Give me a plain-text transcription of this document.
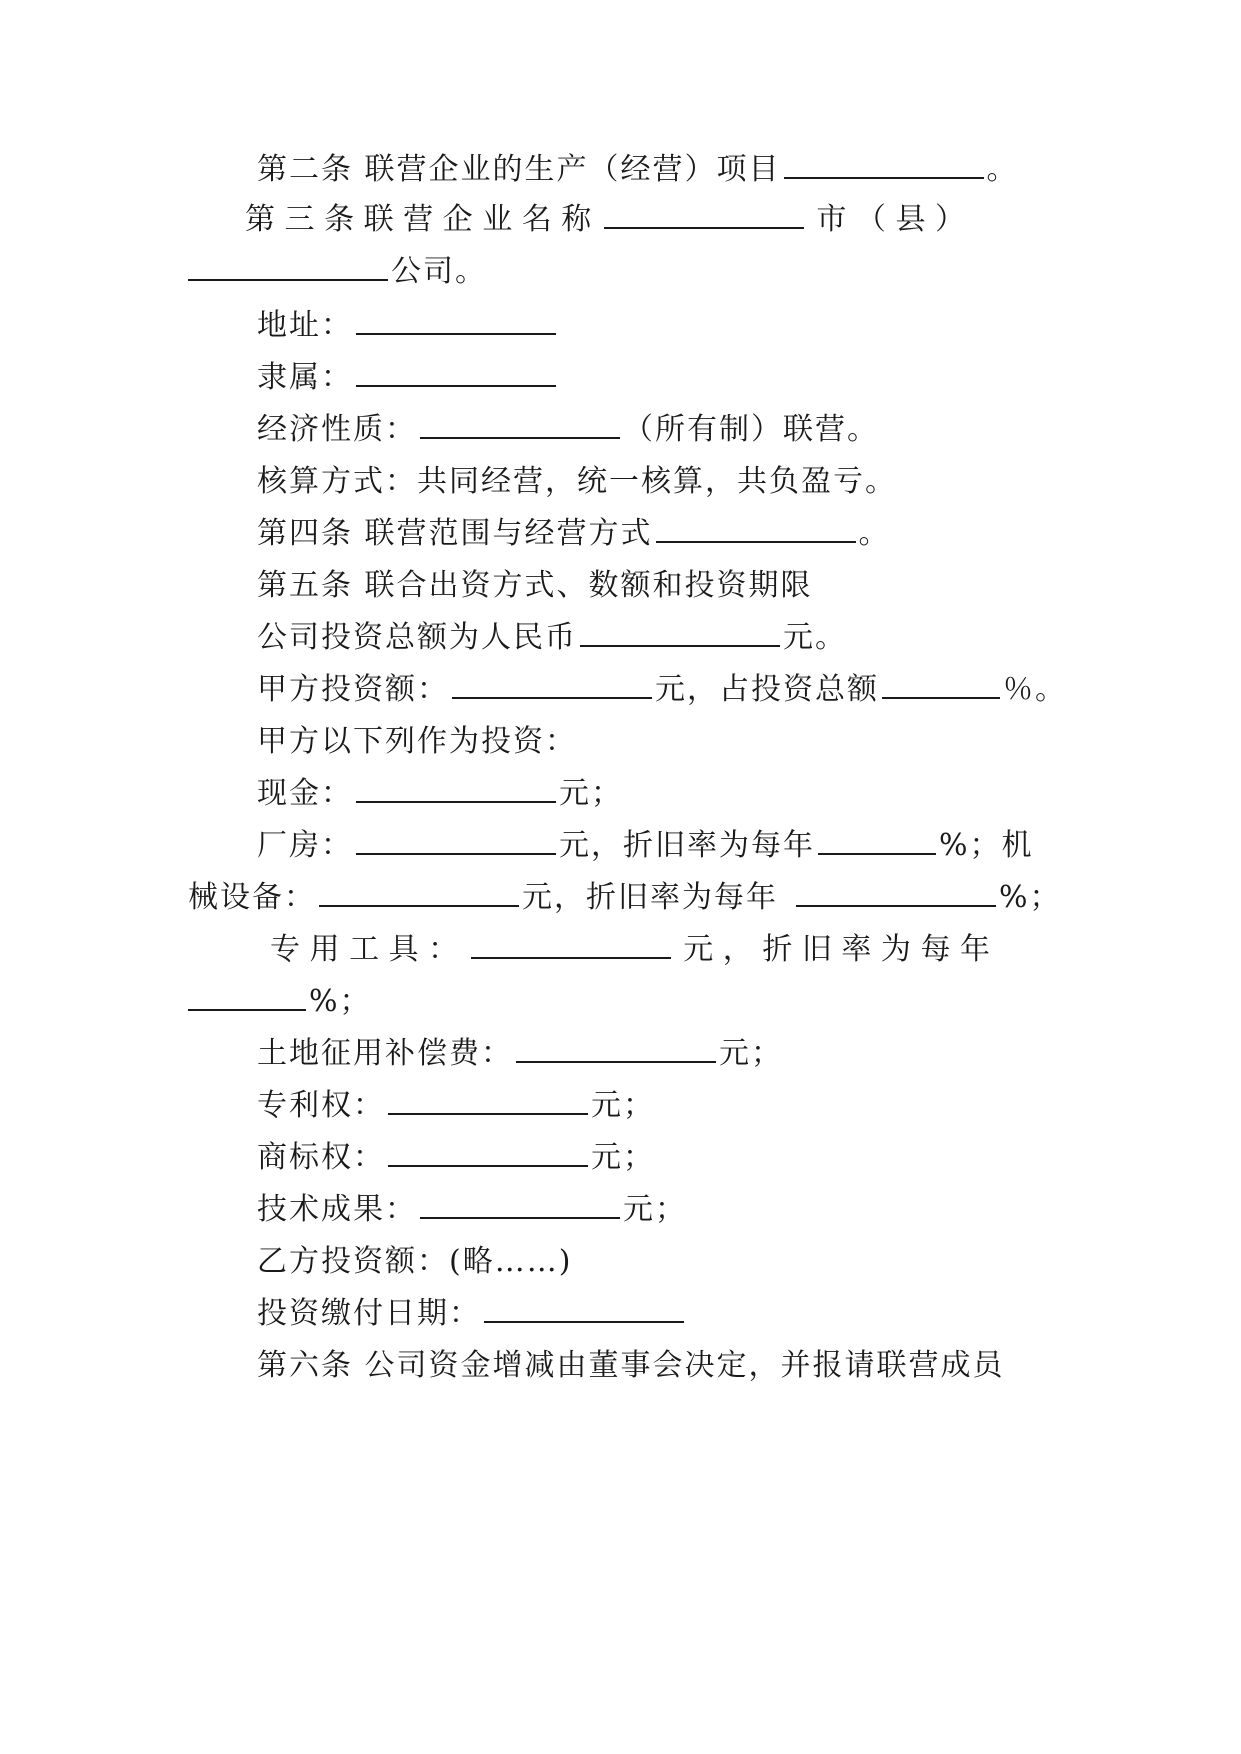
第二条 联营企业的生产（经营）项目	。
第 三 条 联 营 企 业 名 称	市 （ 县 ）
公司。
地址：
隶属：
经济性质：	（所有制）联营。
核算方式：共同经营，统一核算，共负盈亏。
第四条 联营范围与经营方式	。
第五条 联合出资方式、数额和投资期限
公司投资总额为人民币	元。
甲方投资额：	元，占投资总额	％。
甲方以下列作为投资：
现金：	元；
厂房：	元，折旧率为每年	%；机
械设备：	元，折旧率为每年	%；
专 用 工 具 ：	元 ， 折 旧 率 为 每 年
%；
土地征用补偿费：	元；
专利权：	元；
商标权：	元；
技术成果：	元；
乙方投资额：(略……)
投资缴付日期：
第六条 公司资金增减由董事会决定，并报请联营成员
